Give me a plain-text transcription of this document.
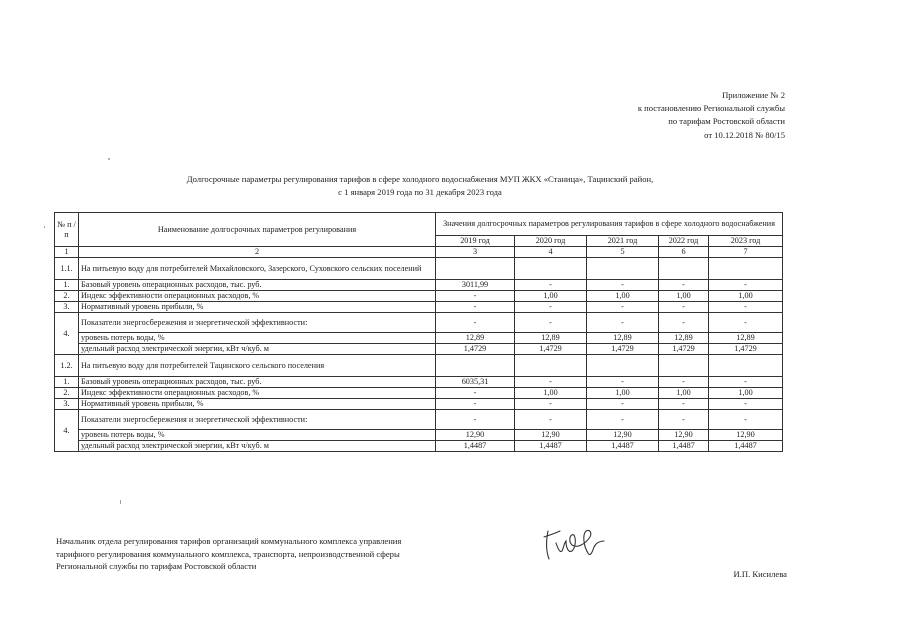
Приложение № 2
к постановлению Региональной службы
по тарифам Ростовской области
от 10.12.2018 № 80/15
Долгосрочные параметры регулирования тарифов в сфере холодного водоснабжения МУП ЖКХ «Станица», Тацинский район,
с 1 января 2019 года по 31 декабря 2023 года
№ п /п	Наименование долгосрочных параметров регулирования	Значения долгосрочных параметров регулирования тарифов в сфере холодного водоснабжения				
		2019 год	2020 год	2021 год	2022 год	2023 год
1	2	3	4	5	6	7
1.1.	На питьевую воду для потребителей Михайловского, Зазерского, Суховского сельских поселений					
1.	Базовый уровень операционных расходов, тыс. руб.	3011,99	-	-	-	-
2.	Индекс эффективности операционных расходов, %	-	1,00	1,00	1,00	1,00
3.	Нормативный уровень прибыли, %	-	-	-	-	-
4.	Показатели энергосбережения и энергетической эффективности:	-	-	-	-	-
	уровень потерь воды, %	12,89	12,89	12,89	12,89	12,89
	удельный расход электрической энергии, кВт ч/куб. м	1,4729	1,4729	1,4729	1,4729	1,4729
1.2.	На питьевую воду для потребителей Тацинского сельского поселения					
1.	Базовый уровень операционных расходов, тыс. руб.	6035,31	-	-	-	-
2.	Индекс эффективности операционных расходов, %	-	1,00	1,00	1,00	1,00
3.	Нормативный уровень прибыли, %	-	-	-	-	-
4.	Показатели энергосбережения и энергетической эффективности:	-	-	-	-	-
	уровень потерь воды, %	12,90	12,90	12,90	12,90	12,90
	удельный расход электрической энергии, кВт ч/куб. м	1,4487	1,4487	1,4487	1,4487	1,4487
Начальник отдела регулирования тарифов организаций коммунального комплекса управления
тарифного регулирования коммунального комплекса, транспорта, непроизводственной сферы
Региональной службы по тарифам Ростовской области
И.П. Кисилева
